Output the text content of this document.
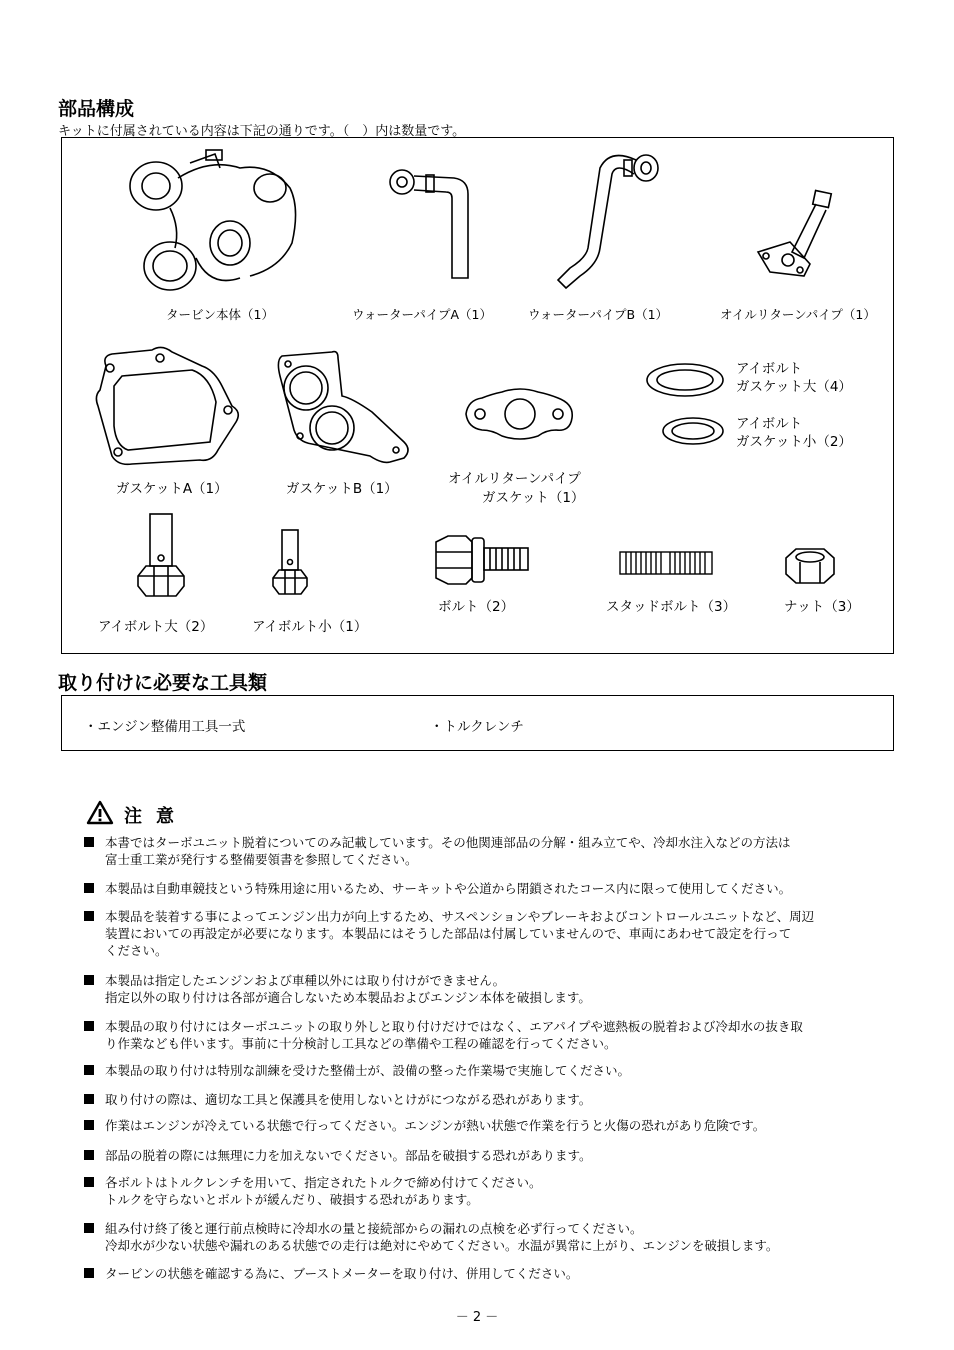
部品構成
キットに付属されている内容は下記の通りです。（　）内は数量です。
タービン本体（1）	ウォーターパイプA（1）	ウォーターパイプB（1）	オイルリターンパイプ（1）
ガスケットA（1）	ガスケットB（1）
オイルリターンパイプ
ガスケット（1）
アイボルト
ガスケット大（4）
アイボルト
ガスケット小（2）
アイボルト大（2）	アイボルト小（1）
ボルト（2）	スタッドボルト（3）	ナット（3）
取り付けに必要な工具類
・エンジン整備用工具一式	・トルクレンチ
注意
本書ではターボユニット脱着についてのみ記載しています。その他関連部品の分解・組み立てや、冷却水注入などの方法は
富士重工業が発行する整備要領書を参照してください。
本製品は自動車競技という特殊用途に用いるため、サーキットや公道から閉鎖されたコース内に限って使用してください。
本製品を装着する事によってエンジン出力が向上するため、サスペンションやブレーキおよびコントロールユニットなど、周辺
装置においての再設定が必要になります。本製品にはそうした部品は付属していませんので、車両にあわせて設定を行って
ください。
本製品は指定したエンジンおよび車種以外には取り付けができません。
指定以外の取り付けは各部が適合しないため本製品およびエンジン本体を破損します。
本製品の取り付けにはターボユニットの取り外しと取り付けだけではなく、エアパイプや遮熱板の脱着および冷却水の抜き取
り作業なども伴います。事前に十分検討し工具などの準備や工程の確認を行ってください。
本製品の取り付けは特別な訓練を受けた整備士が、設備の整った作業場で実施してください。
取り付けの際は、適切な工具と保護具を使用しないとけがにつながる恐れがあります。
作業はエンジンが冷えている状態で行ってください。エンジンが熱い状態で作業を行うと火傷の恐れがあり危険です。
部品の脱着の際には無理に力を加えないでください。部品を破損する恐れがあります。
各ボルトはトルクレンチを用いて、指定されたトルクで締め付けてください。
トルクを守らないとボルトが緩んだり、破損する恐れがあります。
組み付け終了後と運行前点検時に冷却水の量と接続部からの漏れの点検を必ず行ってください。
冷却水が少ない状態や漏れのある状態での走行は絶対にやめてください。水温が異常に上がり、エンジンを破損します。
タービンの状態を確認する為に、ブーストメーターを取り付け、併用してください。
－ 2 －
